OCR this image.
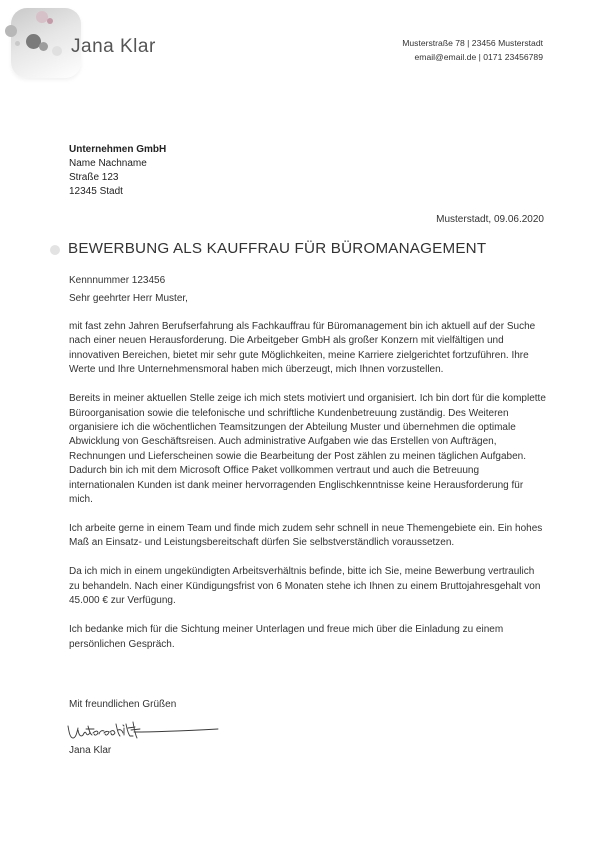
Jana Klar	Musterstraße 78 | 23456 Musterstadt
email@email.de | 0171 23456789
Unternehmen GmbH
Name Nachname
Straße 123
12345 Stadt
Musterstadt, 09.06.2020
BEWERBUNG ALS KAUFFRAU FÜR BÜROMANAGEMENT
Kennnummer 123456
Sehr geehrter Herr Muster,

mit fast zehn Jahren Berufserfahrung als Fachkauffrau für Büromanagement bin ich aktuell auf der Suche nach einer neuen Herausforderung. Die Arbeitgeber GmbH als großer Konzern mit vielfältigen und innovativen Bereichen, bietet mir sehr gute Möglichkeiten, meine Karriere zielgerichtet fortzuführen. Ihre Werte und Ihre Unternehmensmoral haben mich überzeugt, mich Ihnen vorzustellen.

Bereits in meiner aktuellen Stelle zeige ich mich stets motiviert und organisiert. Ich bin dort für die komplette Büroorganisation sowie die telefonische und schriftliche Kundenbetreuung zuständig. Des Weiteren organisiere ich die wöchentlichen Teamsitzungen der Abteilung Muster und übernehmen die optimale Abwicklung von Geschäftsreisen. Auch administrative Aufgaben wie das Erstellen von Aufträgen, Rechnungen und Lieferscheinen sowie die Bearbeitung der Post zählen zu meinen täglichen Aufgaben. Dadurch bin ich mit dem Microsoft Office Paket vollkommen vertraut und auch die Betreuung internationalen Kunden ist dank meiner hervorragenden Englischkenntnisse keine Herausforderung für mich.

Ich arbeite gerne in einem Team und finde mich zudem sehr schnell in neue Themengebiete ein. Ein hohes Maß an Einsatz- und Leistungsbereitschaft dürfen Sie selbstverständlich voraussetzen.

Da ich mich in einem ungekündigten Arbeitsverhältnis befinde, bitte ich Sie, meine Bewerbung vertraulich zu behandeln. Nach einer Kündigungsfrist von 6 Monaten stehe ich Ihnen zu einem Bruttojahresgehalt von 45.000 € zur Verfügung.

Ich bedanke mich für die Sichtung meiner Unterlagen und freue mich über die Einladung zu einem persönlichen Gespräch.

Mit freundlichen Grüßen
Jana Klar
